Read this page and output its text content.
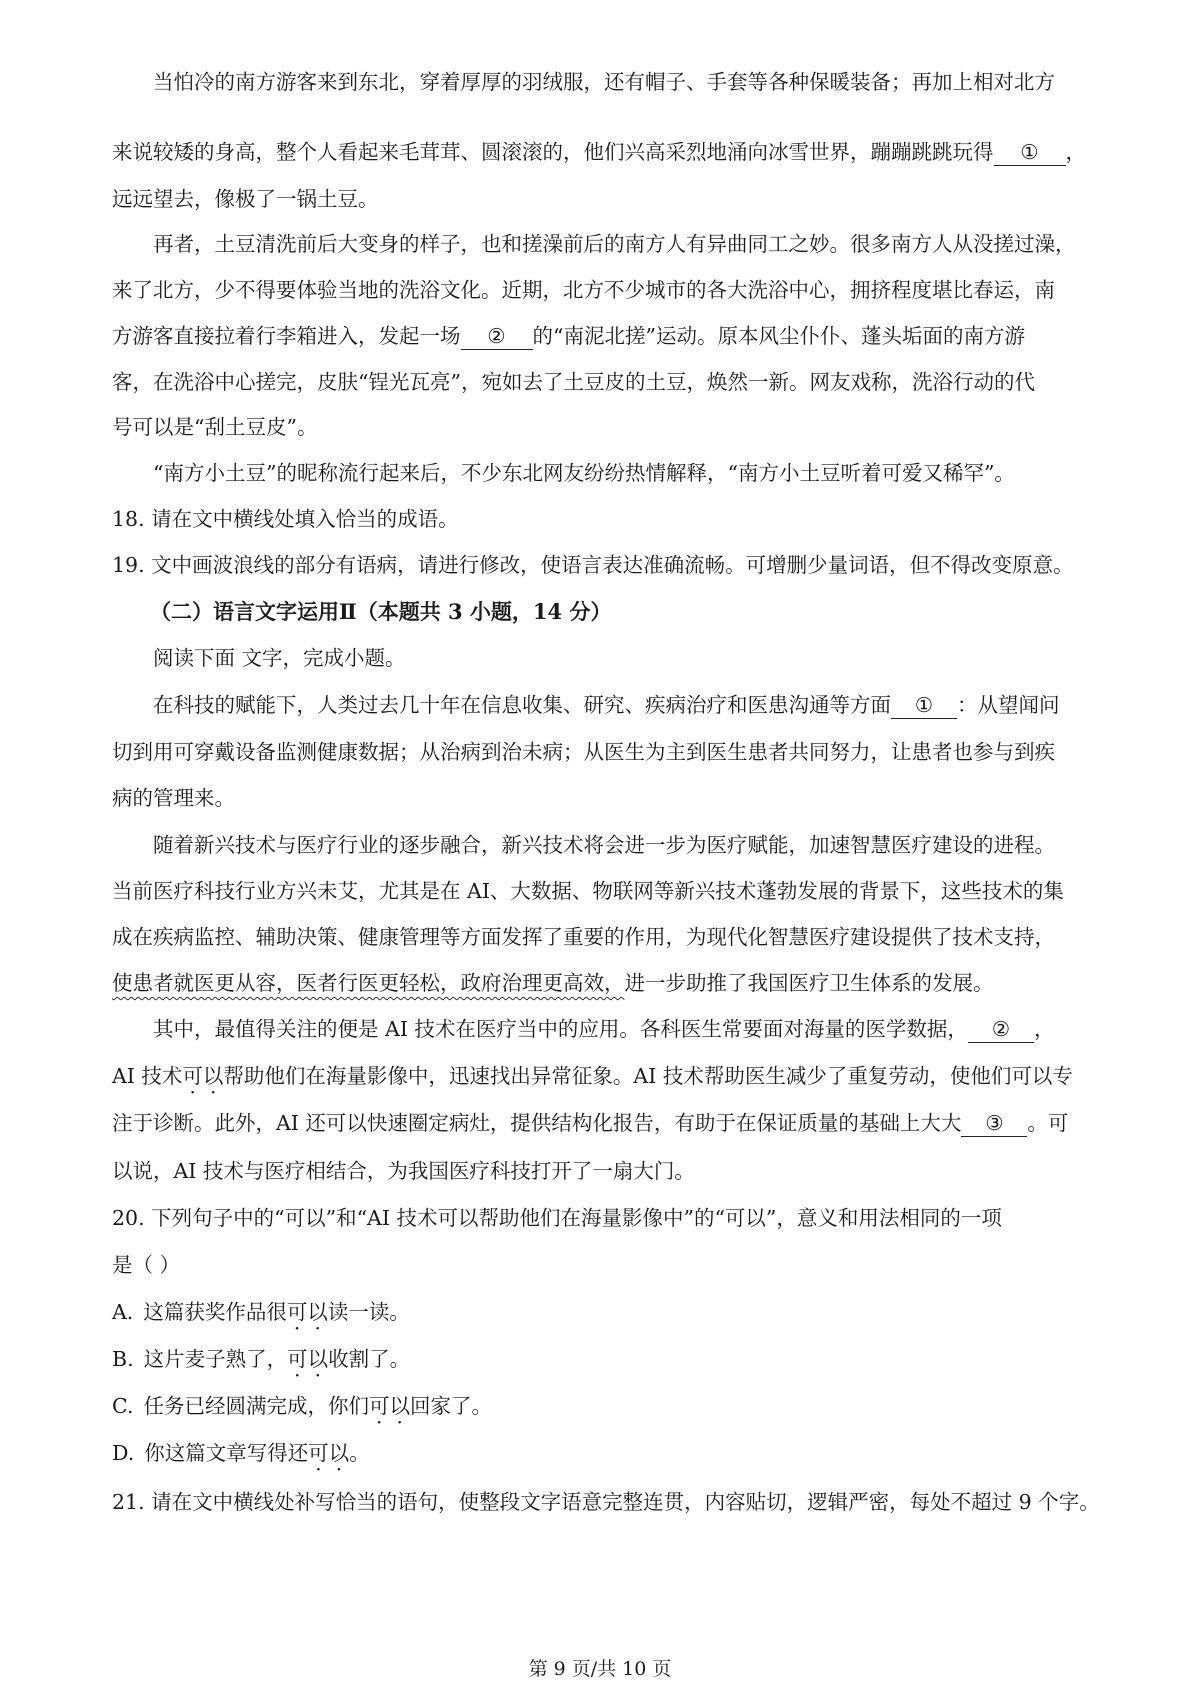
当怕冷的南方游客来到东北，穿着厚厚的羽绒服，还有帽子、手套等各种保暖装备；再加上相对北方
来说较矮的身高，整个人看起来毛茸茸、圆滚滚的，他们兴高采烈地涌向冰雪世界，蹦蹦跳跳玩得 ① ，
远远望去，像极了一锅土豆。
再者，土豆清洗前后大变身的样子，也和搓澡前后的南方人有异曲同工之妙。很多南方人从没搓过澡，
来了北方，少不得要体验当地的洗浴文化。近期，北方不少城市的各大洗浴中心，拥挤程度堪比春运，南
方游客直接拉着行李箱进入，发起一场 ② 的“南泥北搓”运动。原本风尘仆仆、蓬头垢面的南方游
客，在洗浴中心搓完，皮肤“锃光瓦亮”，宛如去了土豆皮的土豆，焕然一新。网友戏称，洗浴行动的代
号可以是“刮土豆皮”。
“南方小土豆”的昵称流行起来后，不少东北网友纷纷热情解释，“南方小土豆听着可爱又稀罕”。
18. 请在文中横线处填入恰当的成语。
19. 文中画波浪线的部分有语病，请进行修改，使语言表达准确流畅。可增删少量词语，但不得改变原意。
（二）语言文字运用Ⅱ（本题共 3 小题，14 分）
阅读下面 文字，完成小题。
在科技的赋能下，人类过去几十年在信息收集、研究、疾病治疗和医患沟通等方面 ① ：从望闻问
切到用可穿戴设备监测健康数据；从治病到治未病；从医生为主到医生患者共同努力，让患者也参与到疾
病的管理来。
随着新兴技术与医疗行业的逐步融合，新兴技术将会进一步为医疗赋能，加速智慧医疗建设的进程。
当前医疗科技行业方兴未艾，尤其是在 AI、大数据、物联网等新兴技术蓬勃发展的背景下，这些技术的集
成在疾病监控、辅助决策、健康管理等方面发挥了重要的作用，为现代化智慧医疗建设提供了技术支持，
使患者就医更从容，医者行医更轻松，政府治理更高效，进一步助推了我国医疗卫生体系的发展。
其中，最值得关注的便是 AI 技术在医疗当中的应用。各科医生常要面对海量的医学数据， ② ，
AI 技术可以帮助他们在海量影像中，迅速找出异常征象。AI 技术帮助医生减少了重复劳动，使他们可以专
注于诊断。此外，AI 还可以快速圈定病灶，提供结构化报告，有助于在保证质量的基础上大大 ③ 。可
以说，AI 技术与医疗相结合，为我国医疗科技打开了一扇大门。
20. 下列句子中的“可以”和“AI 技术可以帮助他们在海量影像中”的“可以”，意义和用法相同的一项
是（ ）
A. 这篇获奖作品很可以读一读。
B. 这片麦子熟了，可以收割了。
C. 任务已经圆满完成，你们可以回家了。
D. 你这篇文章写得还可以。
21. 请在文中横线处补写恰当的语句，使整段文字语意完整连贯，内容贴切，逻辑严密，每处不超过 9 个字。
第 9 页/共 10 页
